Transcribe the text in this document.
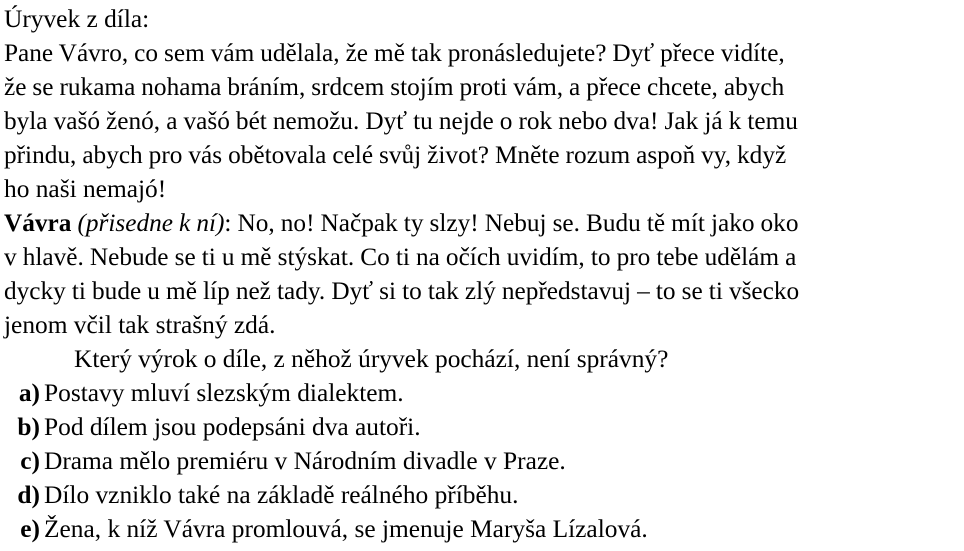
Úryvek z díla:
Pane Vávro, co sem vám udělala, že mě tak pronásledujete? Dyť přece vidíte,
že se rukama nohama bráním, srdcem stojím proti vám, a přece chcete, abych
byla vašó ženó, a vašó bét nemožu. Dyť tu nejde o rok nebo dva! Jak já k temu
přindu, abych pro vás obětovala celé svůj život? Mněte rozum aspoň vy, když
ho naši nemajó!
Vávra (přisedne k ní): No, no! Načpak ty slzy! Nebuj se. Budu tě mít jako oko
v hlavě. Nebude se ti u mě stýskat. Co ti na očích uvidím, to pro tebe udělám a
dycky ti bude u mě líp než tady. Dyť si to tak zlý nepředstavuj – to se ti všecko
jenom včil tak strašný zdá.
Který výrok o díle, z něhož úryvek pochází, není správný?
a) Postavy mluví slezským dialektem.
b) Pod dílem jsou podepsáni dva autoři.
c) Drama mělo premiéru v Národním divadle v Praze.
d) Dílo vzniklo také na základě reálného příběhu.
e) Žena, k níž Vávra promlouvá, se jmenuje Maryša Lízalová.
